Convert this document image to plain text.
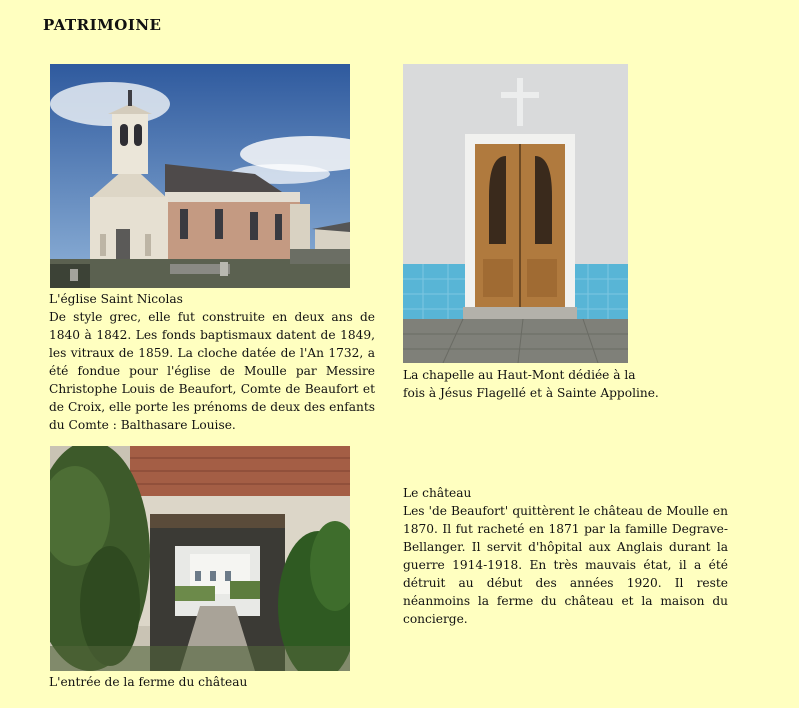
PATRIMOINE
L'église Saint Nicolas

De style grec, elle fut construite en deux ans de 1840 à 1842. Les fonds baptismaux datent de 1849, les vitraux de 1859. La cloche datée de l'An 1732, a été fondue pour l'église de Moulle par Messire Christophe Louis de Beaufort, Comte de Beaufort et de Croix, elle porte les prénoms de deux des enfants du Comte : Balthasare Louise.

La chapelle au Haut-Mont dédiée à la
fois à Jésus Flagellé et à Sainte Appoline.
L'entrée de la ferme du château
Le château

Les 'de Beaufort' quittèrent le château de Moulle en 1870. Il fut racheté en 1871 par la famille Degrave-Bellanger. Il servit d'hôpital aux Anglais durant la guerre 1914-1918. En très mauvais état, il a été détruit au début des années 1920. Il reste néanmoins la ferme du château et la maison du concierge.
